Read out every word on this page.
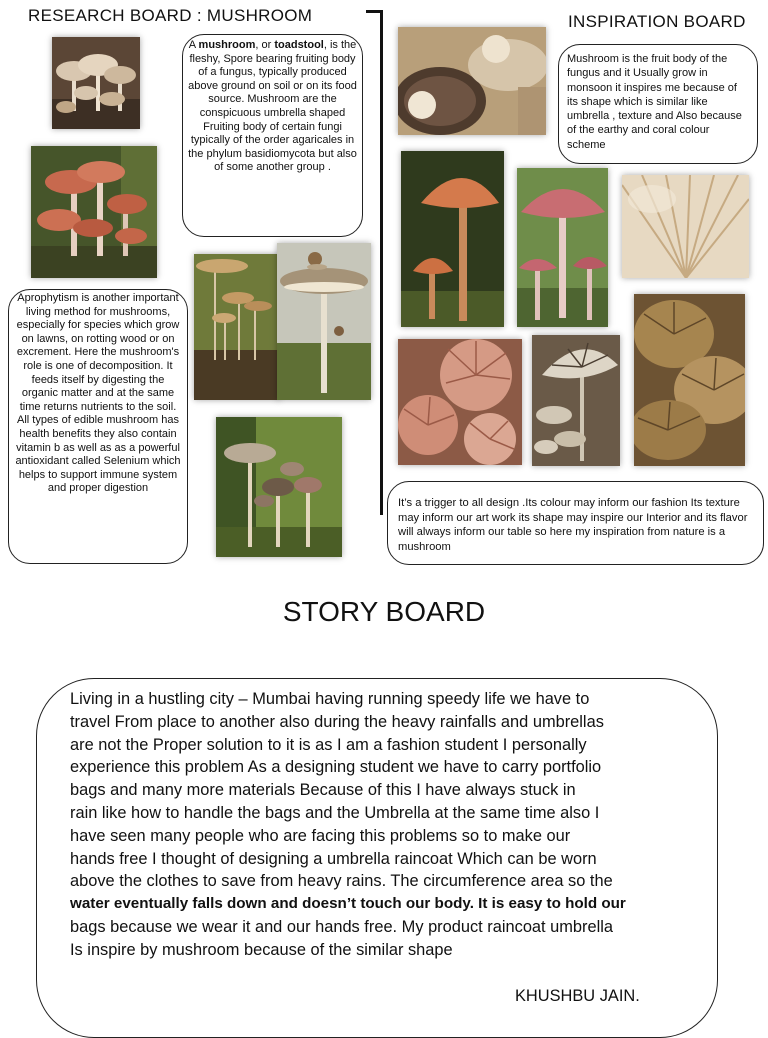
RESEARCH BOARD : MUSHROOM	INSPIRATION BOARD
A mushroom, or toadstool, is the fleshy, Spore bearing fruiting body of a fungus, typically produced above ground on soil or on its food source. Mushroom are the conspicuous umbrella shaped Fruiting body of certain fungi typically of the order agaricales in the phylum basidiomycota but also of some another group .
Aprophytism is another important living method for mushrooms, especially for species which grow on lawns, on rotting wood or on excrement. Here the mushroom's role is one of decomposition. It feeds itself by digesting the organic matter and at the same time returns nutrients to the soil. All types of edible mushroom has health benefits they also contain vitamin b as well as as a powerful antioxidant called Selenium which helps to support immune system and proper digestion
Mushroom is the fruit body of the fungus and it Usually grow in monsoon it inspires me because of its shape which is similar like umbrella , texture and Also because of the earthy and coral colour scheme
It’s a trigger to all design .Its colour may inform our fashion Its texture may inform our art work its shape may inspire our Interior and its flavor will always inform our table so here my inspiration from nature is a mushroom
STORY BOARD
Living in a hustling city – Mumbai having running speedy life we have to
travel From place to another also during the heavy rainfalls and umbrellas
are not the Proper solution to it is as I am a fashion student I personally
experience this problem As a designing student we have to carry portfolio
bags and many more materials Because of this I have always stuck in
rain like how to handle the bags and the Umbrella at the same time also I
have seen many people who are facing this problems so to make our
hands free I thought of designing a umbrella raincoat Which can be worn
above the clothes to save from heavy rains. The circumference area so the
water eventually falls down and doesn’t touch our body. It is easy to hold our
bags because we wear it and our hands free. My product raincoat umbrella
Is inspire by mushroom because of the similar shape
KHUSHBU JAIN.
